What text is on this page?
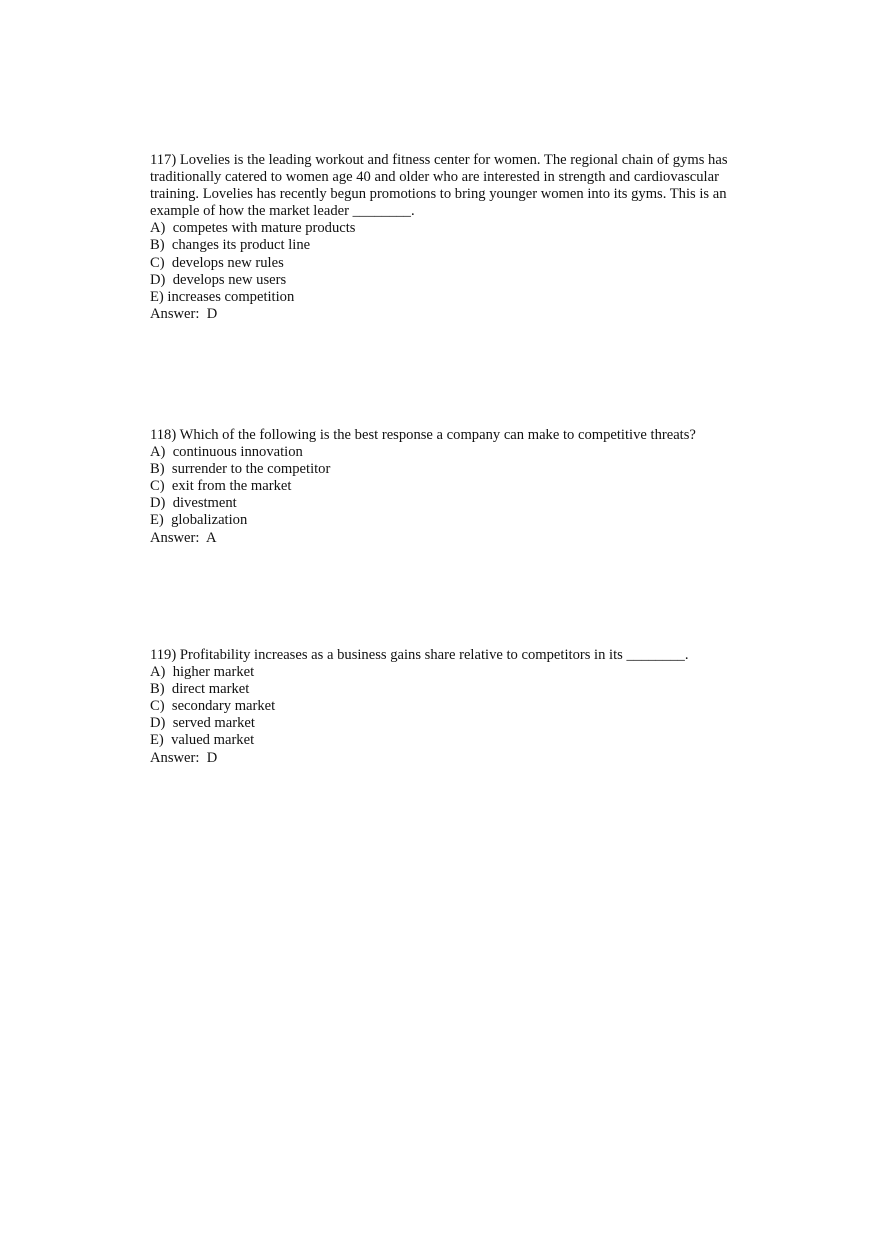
117) Lovelies is the leading workout and fitness center for women. The regional chain of gyms has traditionally catered to women age 40 and older who are interested in strength and cardiovascular training. Lovelies has recently begun promotions to bring younger women into its gyms. This is an example of how the market leader ________.

A)  competes with mature products
B)  changes its product line
C)  develops new rules
D)  develops new users
E) increases competition

Answer:  D

118) Which of the following is the best response a company can make to competitive threats?

A)  continuous innovation
B)  surrender to the competitor
C)  exit from the market
D)  divestment
E)  globalization

Answer:  A

119) Profitability increases as a business gains share relative to competitors in its ________.

A)  higher market
B)  direct market
C)  secondary market
D)  served market
E)  valued market

Answer:  D
